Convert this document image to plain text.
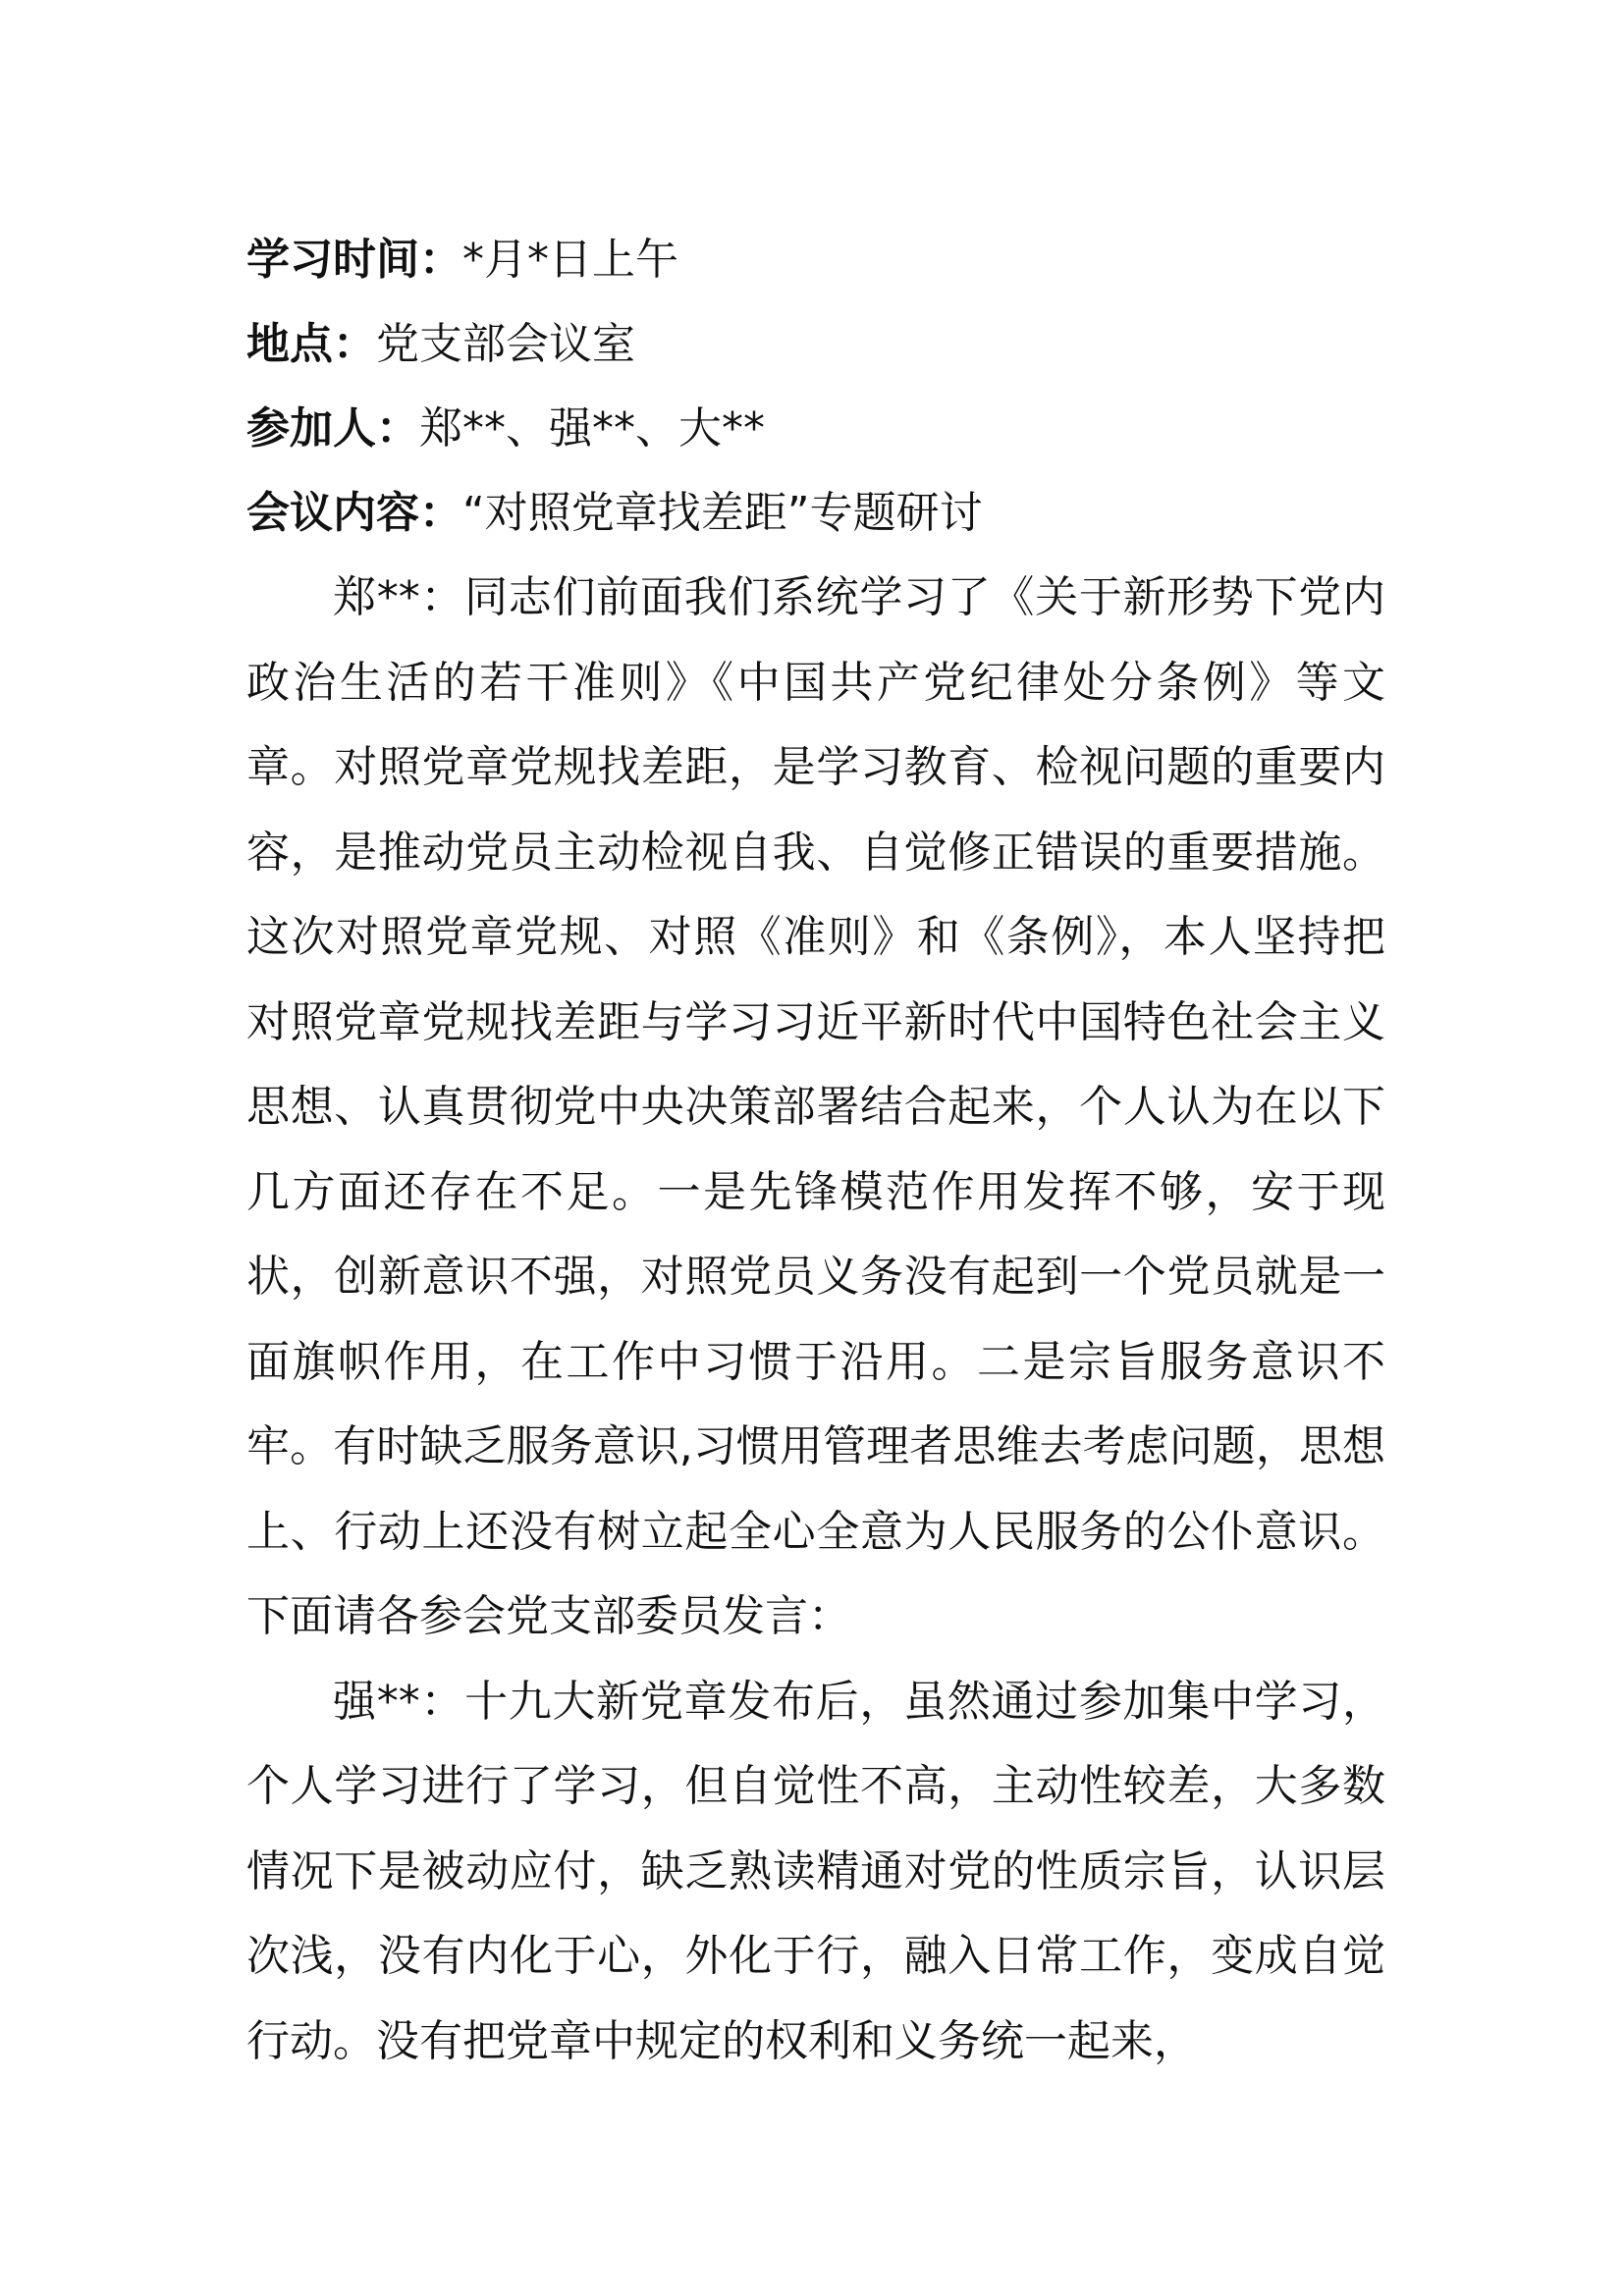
学习时间：*月*日上午
地点：党支部会议室
参加人：郑**、强**、大**
会议内容：“对照党章找差距”专题研讨

郑**：同志们前面我们系统学习了《关于新形势下党内政治生活的若干准则》《中国共产党纪律处分条例》等文章。对照党章党规找差距，是学习教育、检视问题的重要内容，是推动党员主动检视自我、自觉修正错误的重要措施。这次对照党章党规、对照《准则》和《条例》，本人坚持把对照党章党规找差距与学习习近平新时代中国特色社会主义思想、认真贯彻党中央决策部署结合起来，个人认为在以下几方面还存在不足。一是先锋模范作用发挥不够，安于现状，创新意识不强，对照党员义务没有起到一个党员就是一面旗帜作用，在工作中习惯于沿用。二是宗旨服务意识不牢。有时缺乏服务意识,习惯用管理者思维去考虑问题，思想上、行动上还没有树立起全心全意为人民服务的公仆意识。下面请各参会党支部委员发言：

强**：十九大新党章发布后，虽然通过参加集中学习，个人学习进行了学习，但自觉性不高，主动性较差，大多数情况下是被动应付，缺乏熟读精通对党的性质宗旨，认识层次浅，没有内化于心，外化于行，融入日常工作，变成自觉行动。没有把党章中规定的权利和义务统一起来，
